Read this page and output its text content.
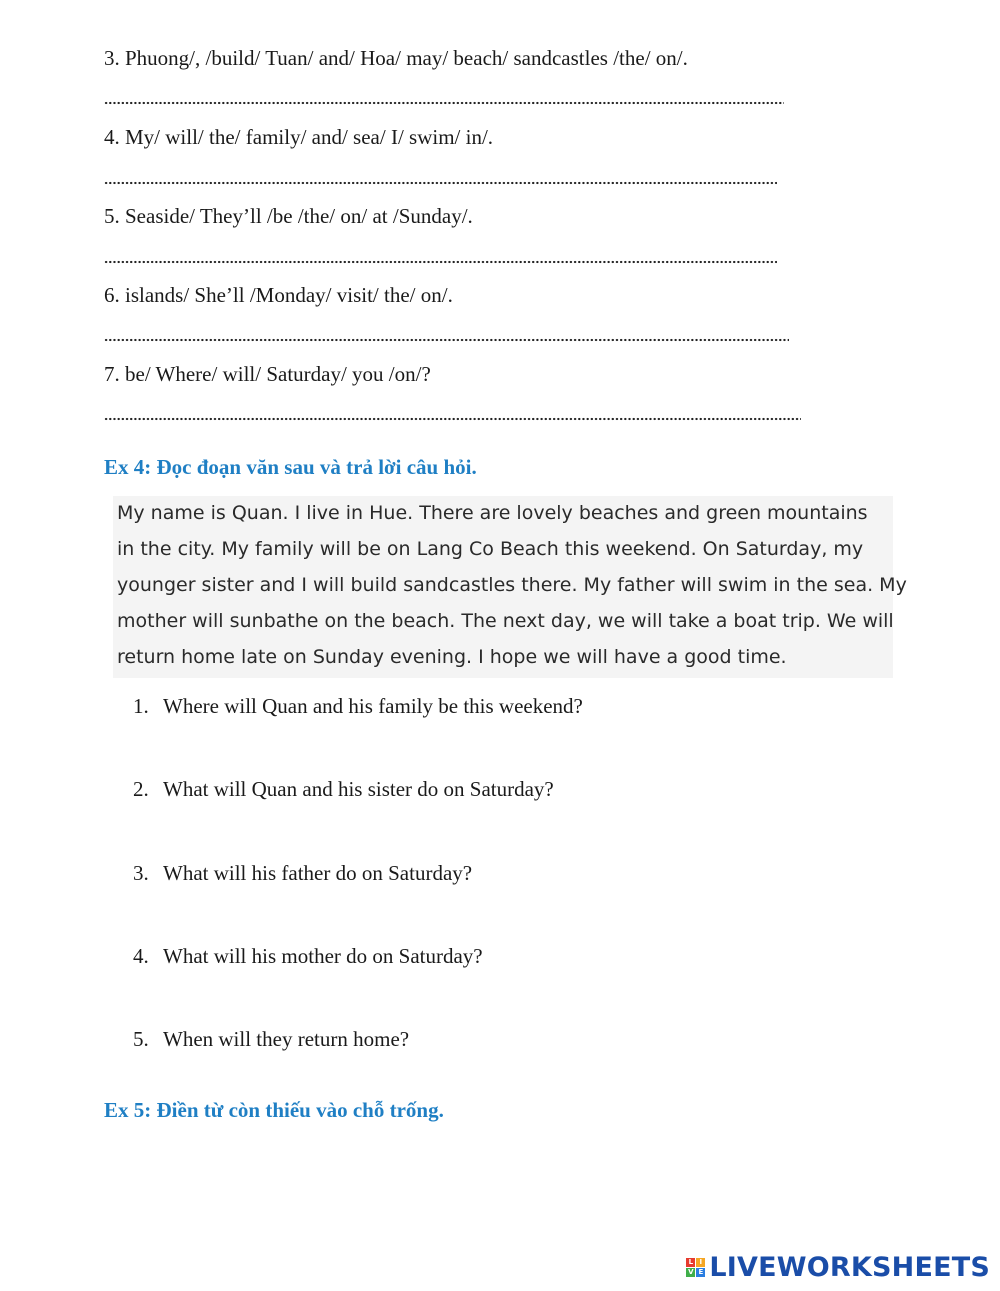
3. Phuong/, /build/ Tuan/ and/ Hoa/ may/ beach/ sandcastles /the/ on/.
4. My/ will/ the/ family/ and/ sea/ I/ swim/ in/.
5. Seaside/ They’ll /be /the/ on/ at /Sunday/.
6. islands/ She’ll /Monday/ visit/ the/ on/.
7. be/ Where/ will/ Saturday/ you /on/?
Ex 4: Đọc đoạn văn sau và trả lời câu hỏi.
My name is Quan. I live in Hue. There are lovely beaches and green mountains
in the city. My family will be on Lang Co Beach this weekend. On Saturday, my
younger sister and I will build sandcastles there. My father will swim in the sea. My
mother will sunbathe on the beach. The next day, we will take a boat trip. We will
return home late on Sunday evening. I hope we will have a good time.
1. Where will Quan and his family be this weekend?
2. What will Quan and his sister do on Saturday?
3. What will his father do on Saturday?
4. What will his mother do on Saturday?
5. When will they return home?
Ex 5: Điền từ còn thiếu vào chỗ trống.
L I
V E LIVEWORKSHEETS
